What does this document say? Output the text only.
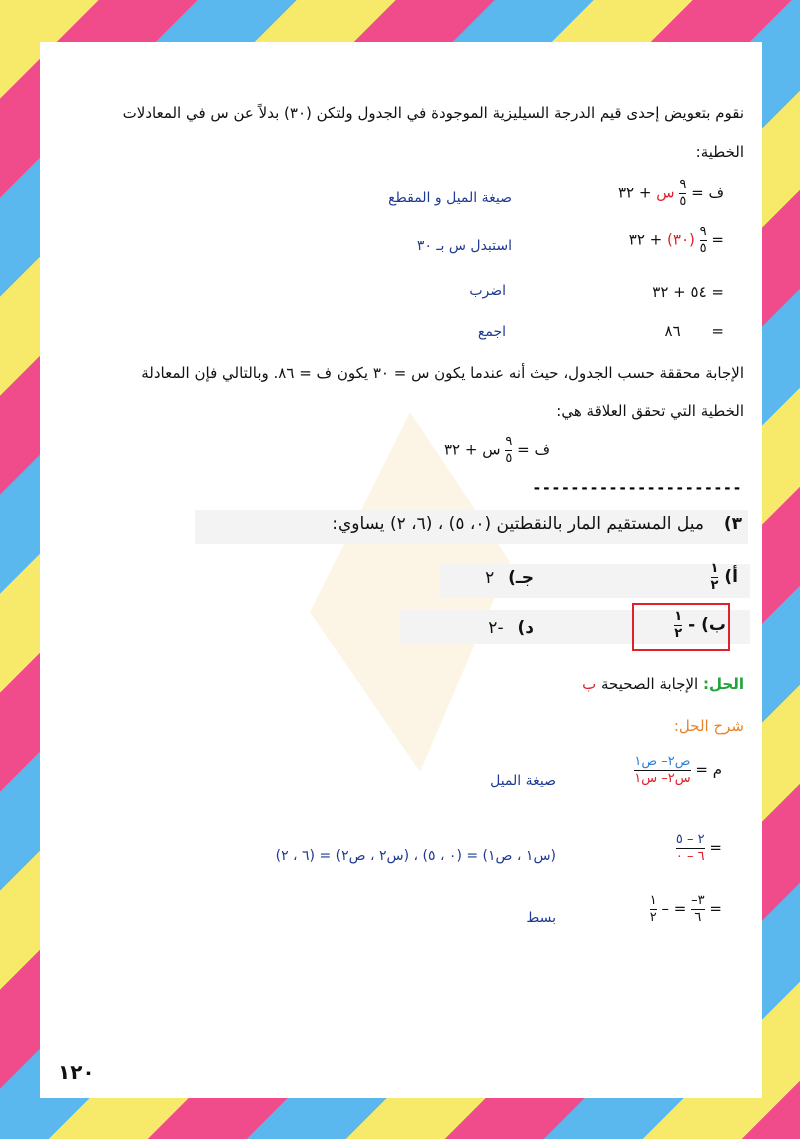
نقوم بتعويض إحدى قيم الدرجة السيليزية الموجودة في الجدول ولتكن (٣٠) بدلاً عن س في المعادلات
الخطية:
ف =
$\frac{٩}{٥}$
س + ٣٢
صيغة الميل و المقطع
=
$\frac{٩}{٥}$
(٣٠) + ٣٢
استبدل س بـ ٣٠
= ٥٤ + ٣٢
اضرب
= ٨٦
اجمع
الإجابة محققة حسب الجدول، حيث أنه عندما يكون س = ٣٠ يكون ف = ٨٦. وبالتالي فإن المعادلة
الخطية التي تحقق العلاقة هي:
ف =
$\frac{٩}{٥}$
س + ٣٢
----------------------
٣)
ميل المستقيم المار بالنقطتين (٠، ٥) ، (٦، ٢) يساوي:
أ)
$\frac{١}{٢}$
جـ) ٢
ب) -
$\frac{١}{٢}$
د) -٢
الحل: الإجابة الصحيحة ب
شرح الحل:
م =
$\frac{\text{ص٢– ص١}}{\text{س٢– س١}}$
صيغة الميل
=
$\frac{٢ - ٥}{٦ - ٠}$
(س١ ، ص١) = (٠ ، ٥) ، (س٢ ، ص٢) = (٦ ، ٢)
=
$\frac{٣-}{٦}$
= –
$\frac{١}{٢}$
بسط
١٢٠
